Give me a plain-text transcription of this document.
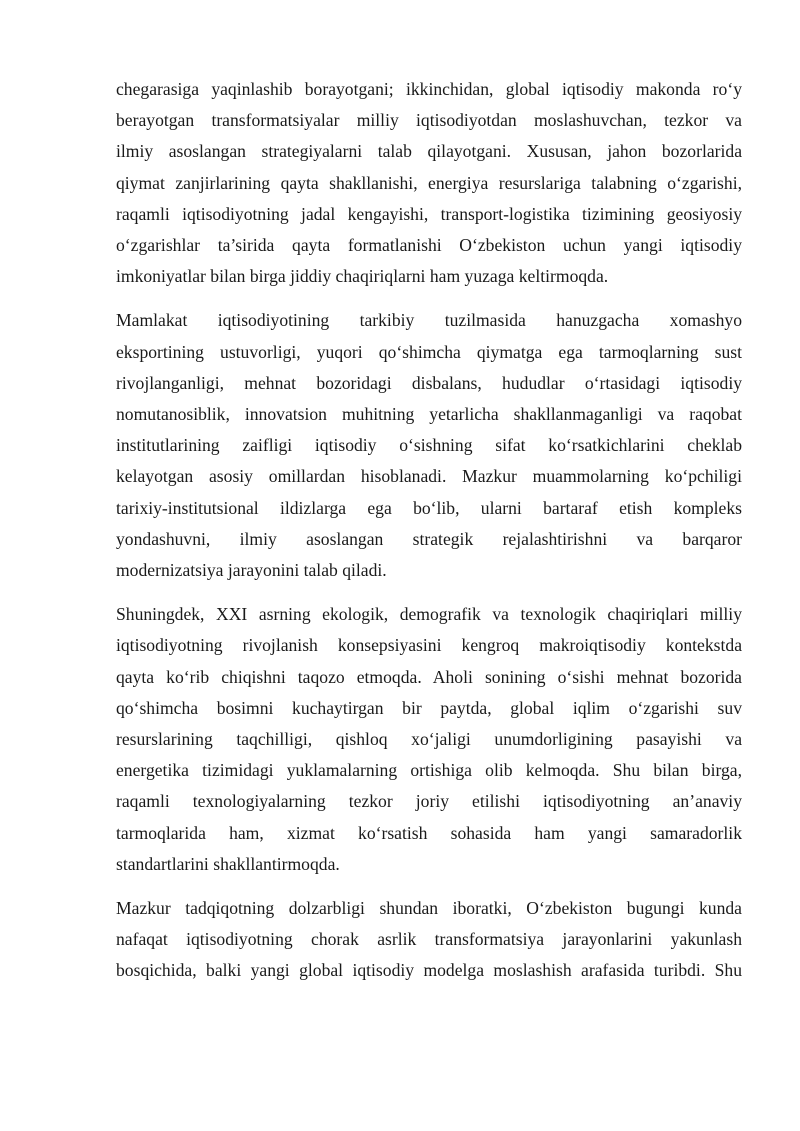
chegarasiga yaqinlashib borayotgani; ikkinchidan, global iqtisodiy makonda ro‘y
berayotgan transformatsiyalar milliy iqtisodiyotdan moslashuvchan, tezkor va
ilmiy asoslangan strategiyalarni talab qilayotgani. Xususan, jahon bozorlarida
qiymat zanjirlarining qayta shakllanishi, energiya resurslariga talabning o‘zgarishi,
raqamli iqtisodiyotning jadal kengayishi, transport-logistika tizimining geosiyosiy
o‘zgarishlar ta’sirida qayta formatlanishi O‘zbekiston uchun yangi iqtisodiy
imkoniyatlar bilan birga jiddiy chaqiriqlarni ham yuzaga keltirmoqda.

Mamlakat iqtisodiyotining tarkibiy tuzilmasida hanuzgacha xomashyo
eksportining ustuvorligi, yuqori qo‘shimcha qiymatga ega tarmoqlarning sust
rivojlanganligi, mehnat bozoridagi disbalans, hududlar o‘rtasidagi iqtisodiy
nomutanosiblik, innovatsion muhitning yetarlicha shakllanmaganligi va raqobat
institutlarining zaifligi iqtisodiy o‘sishning sifat ko‘rsatkichlarini cheklab
kelayotgan asosiy omillardan hisoblanadi. Mazkur muammolarning ko‘pchiligi
tarixiy-institutsional ildizlarga ega bo‘lib, ularni bartaraf etish kompleks
yondashuvni, ilmiy asoslangan strategik rejalashtirishni va barqaror
modernizatsiya jarayonini talab qiladi.

Shuningdek, XXI asrning ekologik, demografik va texnologik chaqiriqlari milliy
iqtisodiyotning rivojlanish konsepsiyasini kengroq makroiqtisodiy kontekstda
qayta ko‘rib chiqishni taqozo etmoqda. Aholi sonining o‘sishi mehnat bozorida
qo‘shimcha bosimni kuchaytirgan bir paytda, global iqlim o‘zgarishi suv
resurslarining taqchilligi, qishloq xo‘jaligi unumdorligining pasayishi va
energetika tizimidagi yuklamalarning ortishiga olib kelmoqda. Shu bilan birga,
raqamli texnologiyalarning tezkor joriy etilishi iqtisodiyotning an’anaviy
tarmoqlarida ham, xizmat ko‘rsatish sohasida ham yangi samaradorlik
standartlarini shakllantirmoqda.

Mazkur tadqiqotning dolzarbligi shundan iboratki, O‘zbekiston bugungi kunda
nafaqat iqtisodiyotning chorak asrlik transformatsiya jarayonlarini yakunlash
bosqichida, balki yangi global iqtisodiy modelga moslashish arafasida turibdi. Shu
